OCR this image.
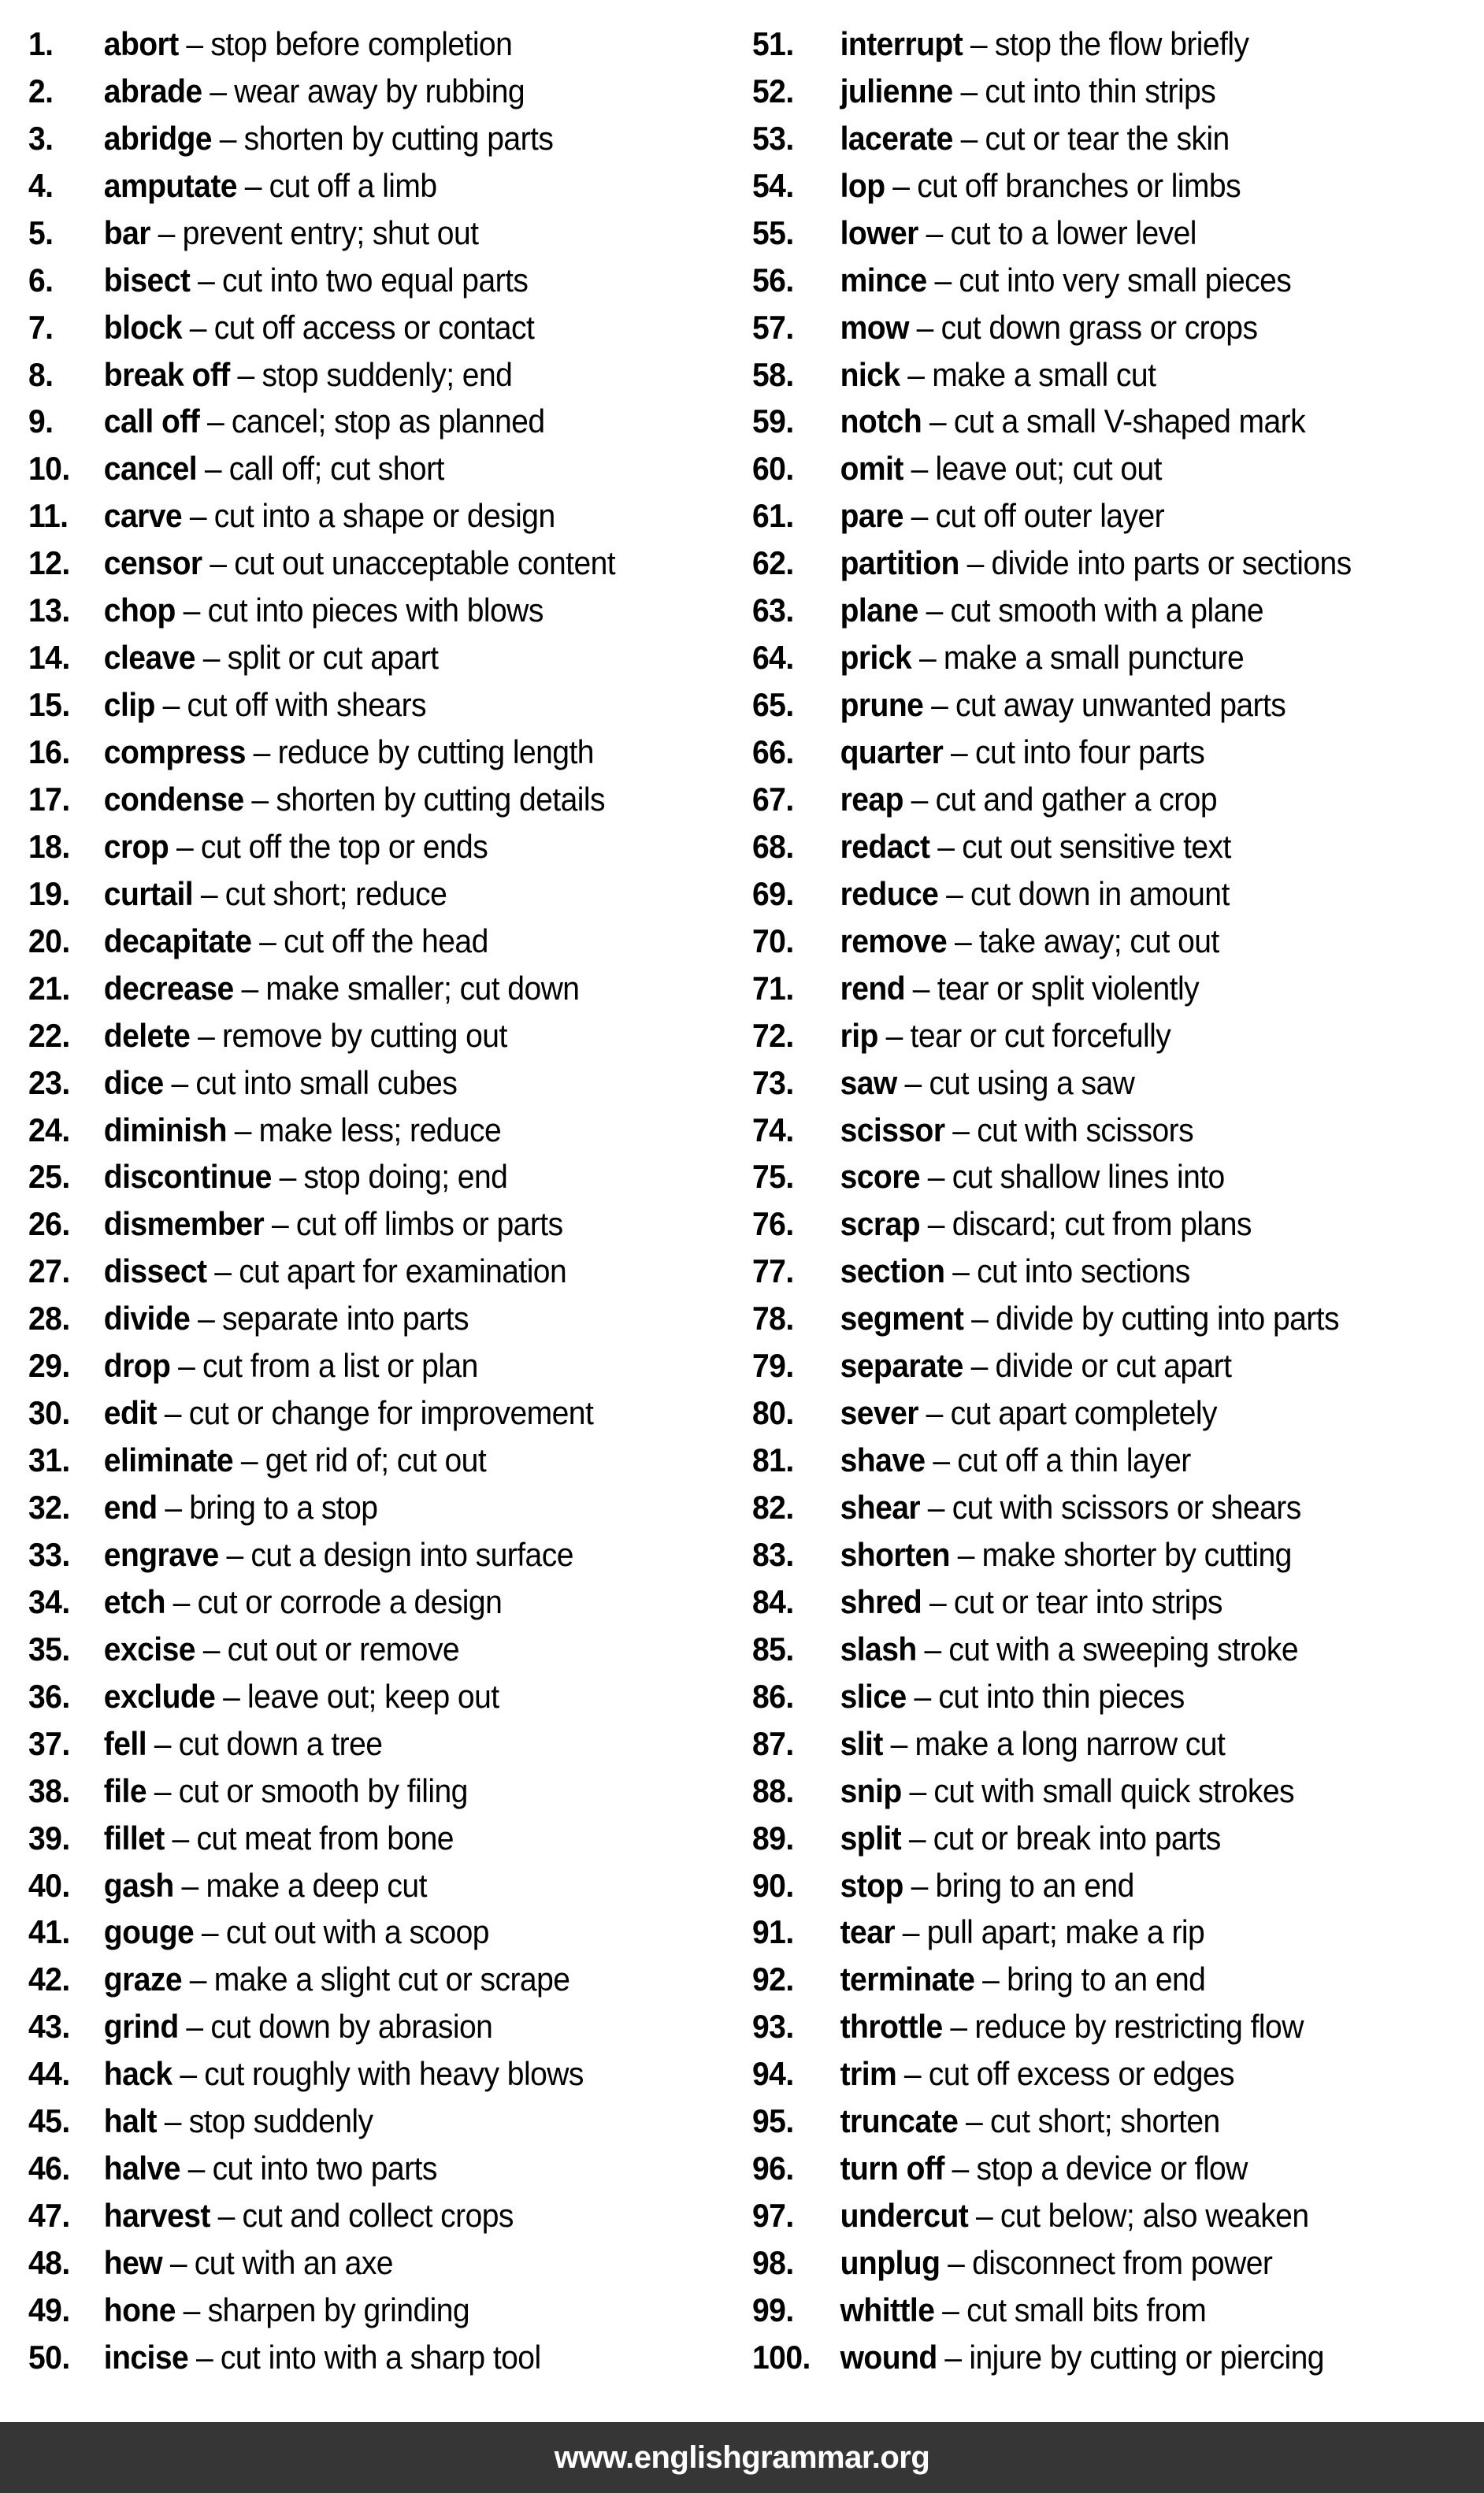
1.	abort – stop before completion
2.	abrade – wear away by rubbing
3.	abridge – shorten by cutting parts
4.	amputate – cut off a limb
5.	bar – prevent entry; shut out
6.	bisect – cut into two equal parts
7.	block – cut off access or contact
8.	break off – stop suddenly; end
9.	call off – cancel; stop as planned
10.	cancel – call off; cut short
11.	carve – cut into a shape or design
12.	censor – cut out unacceptable content
13.	chop – cut into pieces with blows
14.	cleave – split or cut apart
15.	clip – cut off with shears
16.	compress – reduce by cutting length
17.	condense – shorten by cutting details
18.	crop – cut off the top or ends
19.	curtail – cut short; reduce
20.	decapitate – cut off the head
21.	decrease – make smaller; cut down
22.	delete – remove by cutting out
23.	dice – cut into small cubes
24.	diminish – make less; reduce
25.	discontinue – stop doing; end
26.	dismember – cut off limbs or parts
27.	dissect – cut apart for examination
28.	divide – separate into parts
29.	drop – cut from a list or plan
30.	edit – cut or change for improvement
31.	eliminate – get rid of; cut out
32.	end – bring to a stop
33.	engrave – cut a design into surface
34.	etch – cut or corrode a design
35.	excise – cut out or remove
36.	exclude – leave out; keep out
37.	fell – cut down a tree
38.	file – cut or smooth by filing
39.	fillet – cut meat from bone
40.	gash – make a deep cut
41.	gouge – cut out with a scoop
42.	graze – make a slight cut or scrape
43.	grind – cut down by abrasion
44.	hack – cut roughly with heavy blows
45.	halt – stop suddenly
46.	halve – cut into two parts
47.	harvest – cut and collect crops
48.	hew – cut with an axe
49.	hone – sharpen by grinding
50.	incise – cut into with a sharp tool
51.	interrupt – stop the flow briefly
52.	julienne – cut into thin strips
53.	lacerate – cut or tear the skin
54.	lop – cut off branches or limbs
55.	lower – cut to a lower level
56.	mince – cut into very small pieces
57.	mow – cut down grass or crops
58.	nick – make a small cut
59.	notch – cut a small V-shaped mark
60.	omit – leave out; cut out
61.	pare – cut off outer layer
62.	partition – divide into parts or sections
63.	plane – cut smooth with a plane
64.	prick – make a small puncture
65.	prune – cut away unwanted parts
66.	quarter – cut into four parts
67.	reap – cut and gather a crop
68.	redact – cut out sensitive text
69.	reduce – cut down in amount
70.	remove – take away; cut out
71.	rend – tear or split violently
72.	rip – tear or cut forcefully
73.	saw – cut using a saw
74.	scissor – cut with scissors
75.	score – cut shallow lines into
76.	scrap – discard; cut from plans
77.	section – cut into sections
78.	segment – divide by cutting into parts
79.	separate – divide or cut apart
80.	sever – cut apart completely
81.	shave – cut off a thin layer
82.	shear – cut with scissors or shears
83.	shorten – make shorter by cutting
84.	shred – cut or tear into strips
85.	slash – cut with a sweeping stroke
86.	slice – cut into thin pieces
87.	slit – make a long narrow cut
88.	snip – cut with small quick strokes
89.	split – cut or break into parts
90.	stop – bring to an end
91.	tear – pull apart; make a rip
92.	terminate – bring to an end
93.	throttle – reduce by restricting flow
94.	trim – cut off excess or edges
95.	truncate – cut short; shorten
96.	turn off – stop a device or flow
97.	undercut – cut below; also weaken
98.	unplug – disconnect from power
99.	whittle – cut small bits from
100. wound – injure by cutting or piercing
www.englishgrammar.org
